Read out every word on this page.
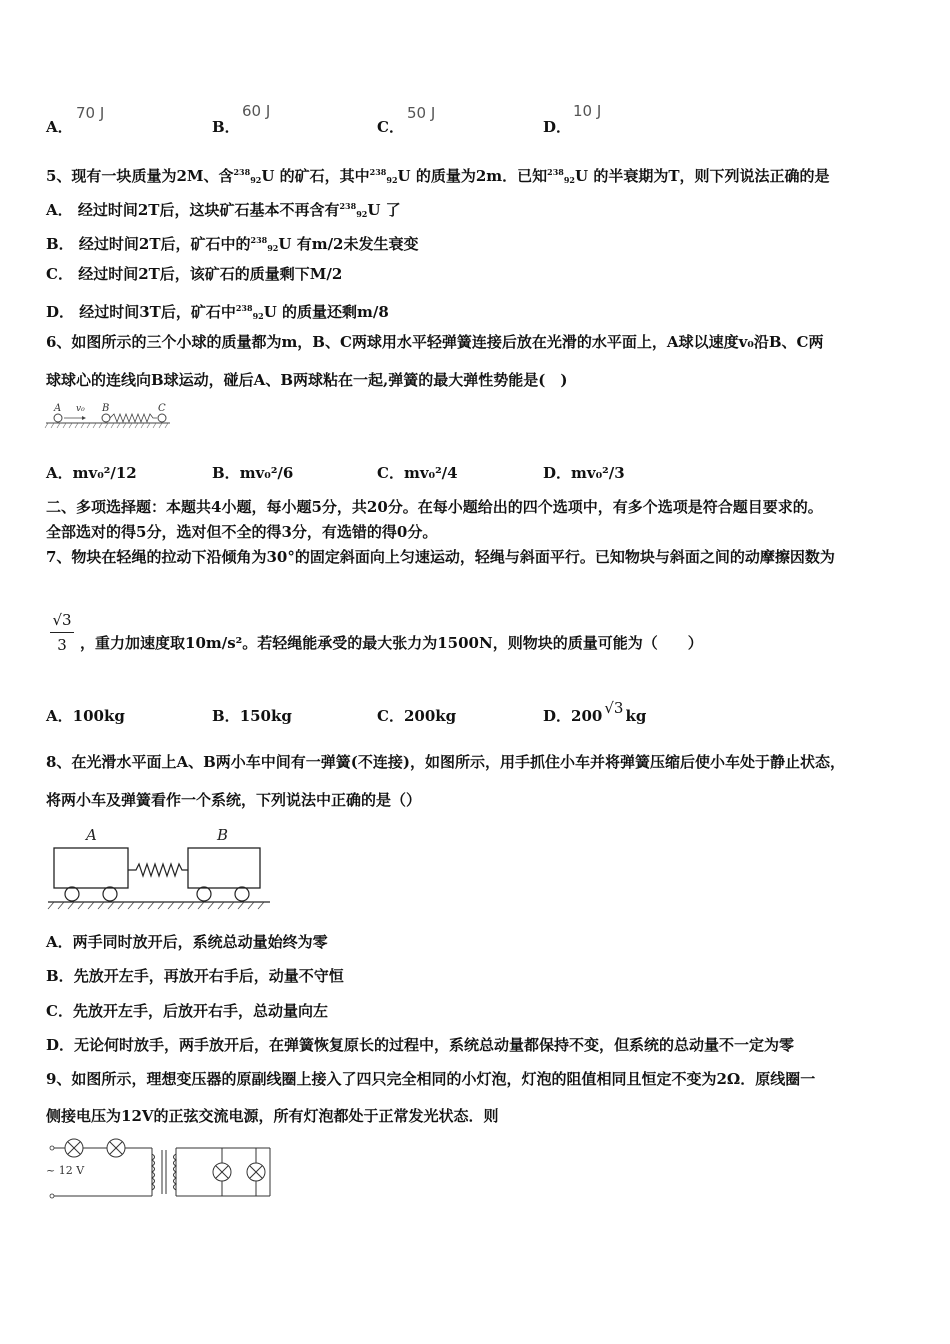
A．
70 J
B．
60 J
C．
50 J
D．
10 J
5、现有一块质量为2M、含$^{238}_{92}$U 的矿石，其中$^{238}_{92}$U 的质量为2m．已知$^{238}_{92}$U 的半衰期为T，则下列说法正确的是
A． 经过时间2T后，这块矿石基本不再含有$^{238}_{92}$U 了
B． 经过时间2T后，矿石中的$^{238}_{92}$U 有m/2未发生衰变
C． 经过时间2T后，该矿石的质量剩下M/2
D． 经过时间3T后，矿石中$^{238}_{92}$U 的质量还剩m/8
6、如图所示的三个小球的质量都为m，B、C两球用水平轻弹簧连接后放在光滑的水平面上，A球以速度v₀沿B、C两
球球心的连线向B球运动，碰后A、B两球粘在一起,弹簧的最大弹性势能是(　)
A v₀ B	C
A．mv₀²/12	B．mv₀²/6	C．mv₀²/4	D．mv₀²/3
二、多项选择题：本题共4小题，每小题5分，共20分。在每小题给出的四个选项中，有多个选项是符合题目要求的。
全部选对的得5分，选对但不全的得3分，有选错的得0分。
7、物块在轻绳的拉动下沿倾角为30°的固定斜面向上匀速运动，轻绳与斜面平行。已知物块与斜面之间的动摩擦因数为
√3
3 ，重力加速度取10m/s²。若轻绳能承受的最大张力为1500N，则物块的质量可能为（　　）
A．100kg	B．150kg	C．200kg	D．200 √3 kg
8、在光滑水平面上A、B两小车中间有一弹簧(不连接)，如图所示，用手抓住小车并将弹簧压缩后使小车处于静止状态，
将两小车及弹簧看作一个系统，下列说法中正确的是（）
A	B
A．两手同时放开后，系统总动量始终为零
B．先放开左手，再放开右手后，动量不守恒
C．先放开左手，后放开右手，总动量向左
D．无论何时放手，两手放开后，在弹簧恢复原长的过程中，系统总动量都保持不变，但系统的总动量不一定为零
9、如图所示，理想变压器的原副线圈上接入了四只完全相同的小灯泡，灯泡的阻值相同且恒定不变为2Ω．原线圈一
侧接电压为12V的正弦交流电源，所有灯泡都处于正常发光状态．则
~ 12 V
